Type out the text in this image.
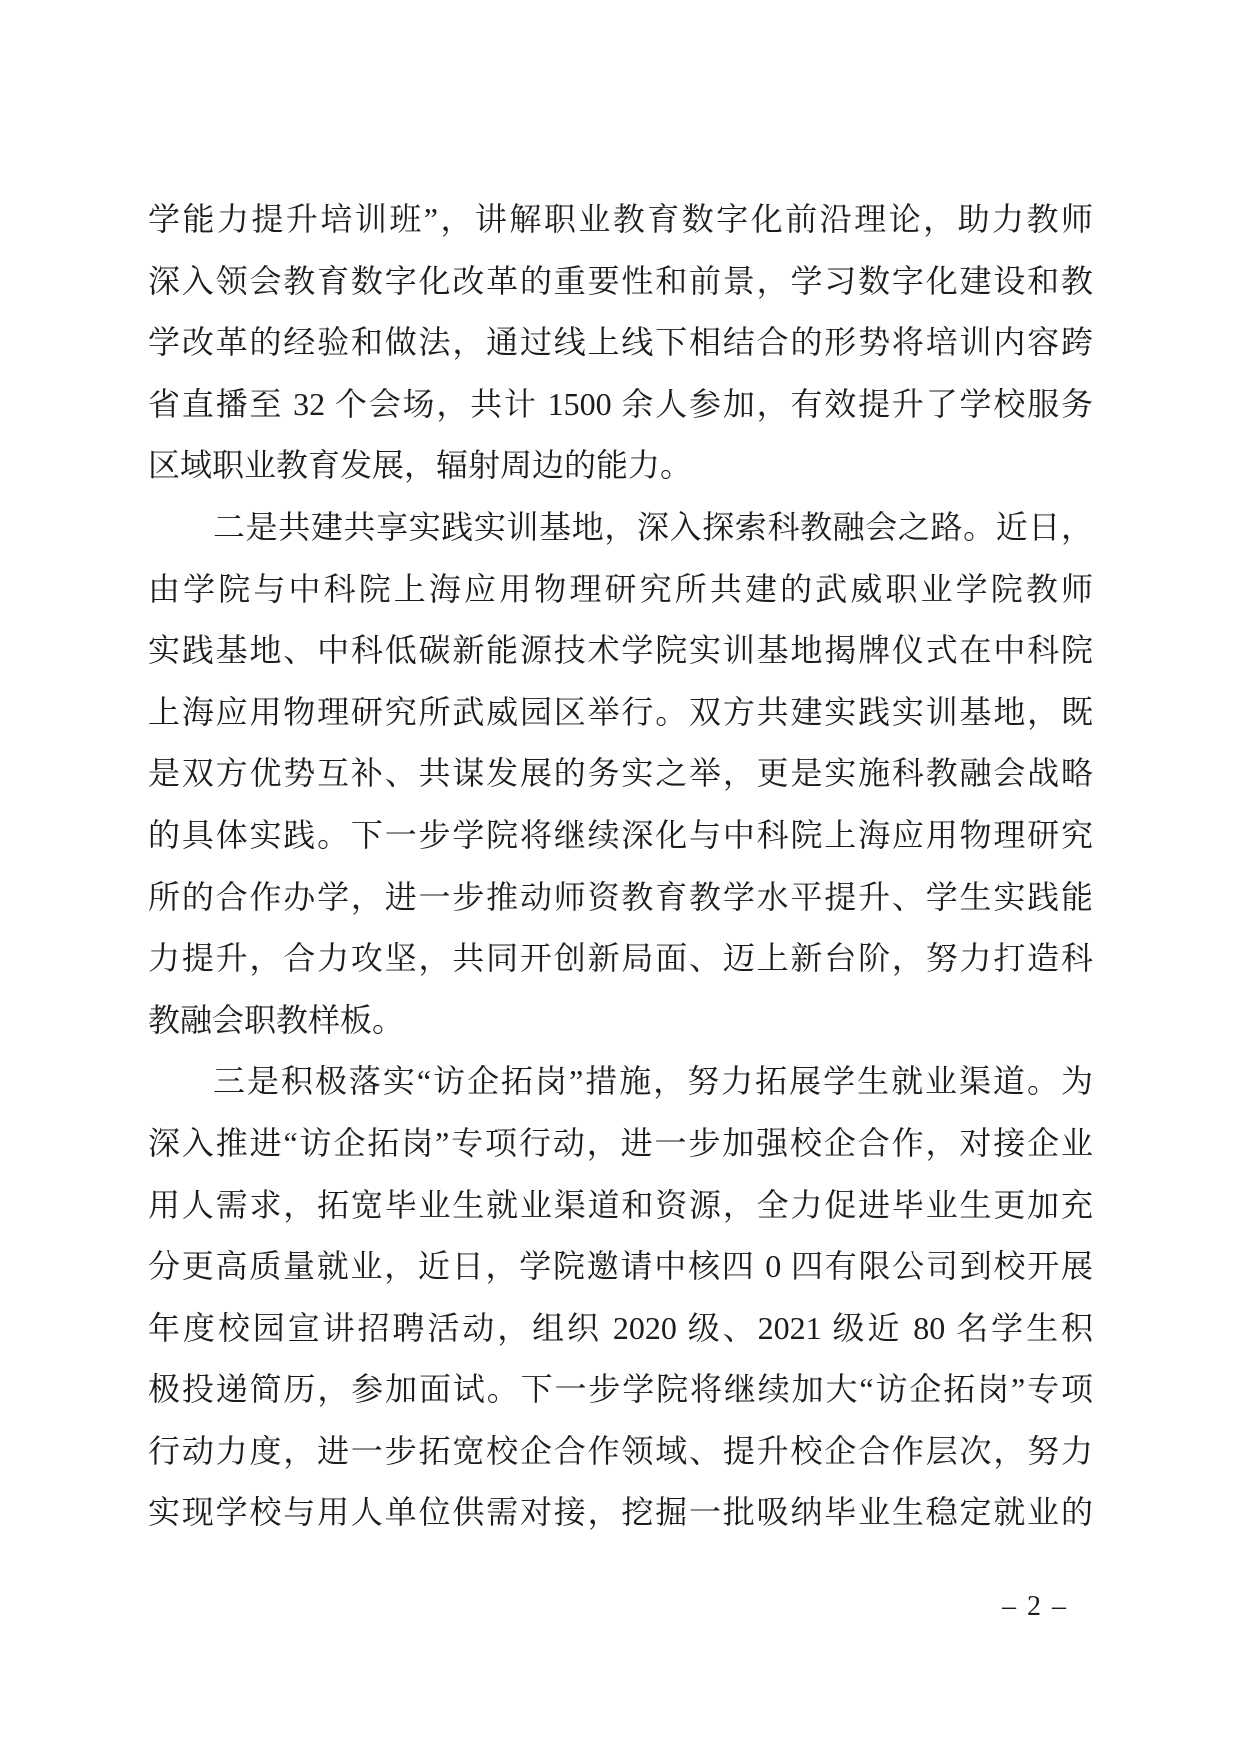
学能力提升培训班”，讲解职业教育数字化前沿理论，助力教师
深入领会教育数字化改革的重要性和前景，学习数字化建设和教
学改革的经验和做法，通过线上线下相结合的形势将培训内容跨
省直播至 32 个会场，共计 1500 余人参加，有效提升了学校服务
区域职业教育发展，辐射周边的能力。
二是共建共享实践实训基地，深入探索科教融会之路。近日，
由学院与中科院上海应用物理研究所共建的武威职业学院教师
实践基地、中科低碳新能源技术学院实训基地揭牌仪式在中科院
上海应用物理研究所武威园区举行。双方共建实践实训基地，既
是双方优势互补、共谋发展的务实之举，更是实施科教融会战略
的具体实践。下一步学院将继续深化与中科院上海应用物理研究
所的合作办学，进一步推动师资教育教学水平提升、学生实践能
力提升，合力攻坚，共同开创新局面、迈上新台阶，努力打造科
教融会职教样板。
三是积极落实“访企拓岗”措施，努力拓展学生就业渠道。为
深入推进“访企拓岗”专项行动，进一步加强校企合作，对接企业
用人需求，拓宽毕业生就业渠道和资源，全力促进毕业生更加充
分更高质量就业，近日，学院邀请中核四 0 四有限公司到校开展
年度校园宣讲招聘活动，组织 2020 级、2021 级近 80 名学生积
极投递简历，参加面试。下一步学院将继续加大“访企拓岗”专项
行动力度，进一步拓宽校企合作领域、提升校企合作层次，努力
实现学校与用人单位供需对接，挖掘一批吸纳毕业生稳定就业的
– 2 –
